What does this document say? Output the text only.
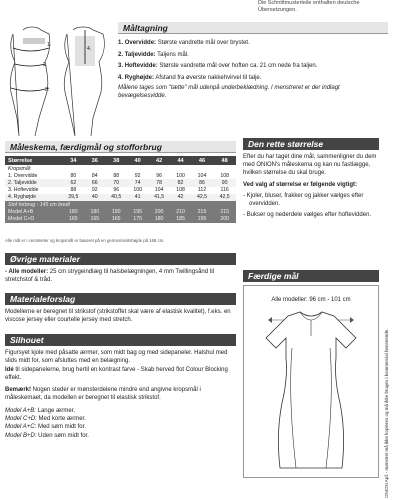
Die Schnittmusterteile enthalten deutsche Übersetzungen.
1.
2.
3.
4.
Måltagning
1. Overvidde: Største vandrette mål over brystet.
2. Taljevidde: Taljens mål.
3. Hoftevidde: Største vandrette mål over hoften ca. 21 cm nede fra taljen.
4. Ryghøjde: Afstand fra øverste nakkehvirvel til talje.
Målene tages som "tætte" mål udenpå underbeklædning. I menstreret er der indlagt bevægelsesvidde.
Måleskema, færdigmål og stofforbrug
Størrelse	34	36	38	40	42	44	46	48
Kropsmål:								
1. Overvidde	80	84	88	92	96	100	104	108
2. Taljevidde	62	66	70	74	78	82	86	90
3. Hoftevidde	88	92	96	100	104	108	112	116
4. Ryghøjde	39,5	40	40,5	41	41,5	42	42,5	42,5
Stof forbrug - 145 cm bredt								
Model A+B	180	180	190	195	200	210	215	215
Model C+D	165	165	165	175	180	185	195	200
Alle mål er i centimeter og kropsmål er baseret på en gennemsnitshøjde på 168 cm.
Øvrige materialer
- Alle modeller: 25 cm strygeindlæg til halsbelægningen, 4 mm Twillingsånd til stretchstof & tråd.
Materialeforslag
Modellerne er beregnet til strikstof (strikstoffet skal være af elastisk kvalitet), f.eks. en viscose jersey eller courtelle jersey med stretch.
Silhouet
Figursyet kjole med påsatte ærmer, som midt bag og med sidepaneler. Halshul med slids midt for, som afsluttes med en belægning.
Idé til sidepanelerne, brug hertil en kontrast farve - Skab herved flot Colour Blocking effekt.
Bemærk! Nogen steder er mønsterdelene mindre end angivne kropsmål i måleskemaet, da modellen er beregnet til elastisk strikstof.
Model A+B: Lange ærmer.
Model C+D: Med korte ærmer.
Model A+C: Med søm midt for.
Model B+D: Uden søm midt for.
Den rette størrelse

Efter du har taget dine mål, sammenligner du dem med ONION's måleskema og kan nu fastlægge, hvilken størrelse du skal bruge.

Ved valg af størrelse er følgende vigtigt:

- Kjoler, bluser, frakker og jakker vælges efter overvidden.
- Bukser og nederdele vælges efter hoftevidden.
Færdige mål
Alle modeller: 96 cm - 101 cm
ONION Apš - mønstret må ikke kopieres og må ikke bruges i kommercial henseende.
